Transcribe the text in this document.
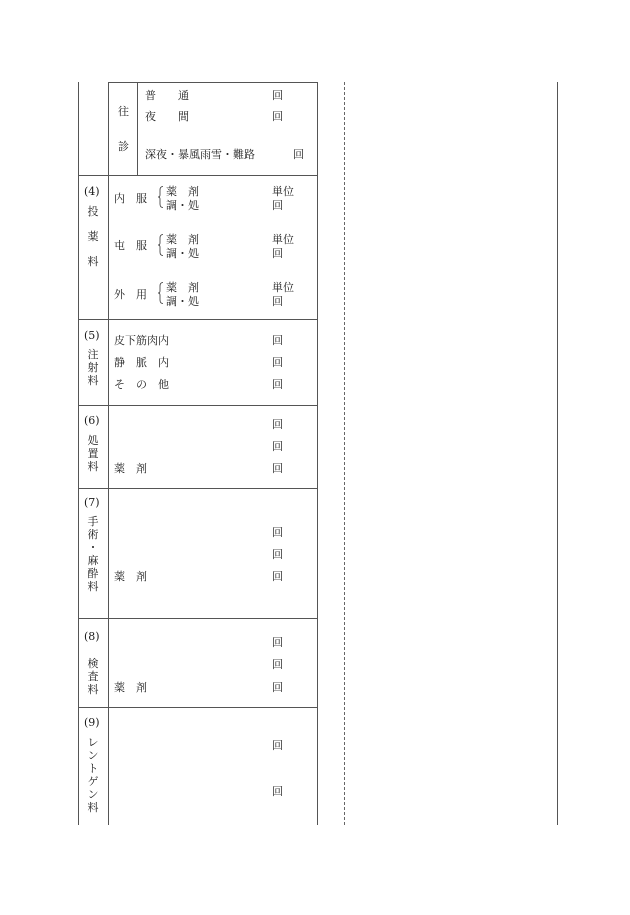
往
診
普　　通	回
夜　　間	回
深夜・暴風雨雪・難路	回
(4)
投
薬
料
内　服
薬　剤	単位
調・処	回
屯　服 薬　剤	単位
調・処	回
外　用
薬　剤	単位
調・処	回
(5)
注
射
料
皮下筋肉内	回
静　脈　内	回
そ　の　他	回
(6)
処
置
料
回
回
薬　剤	回
(7)
手
術
・
麻
酔
料
回
回
薬　剤	回
(8)
検
査
料
回
回
薬　剤	回
(9)
レ
ン
ト
ゲ
ン
料
回
回
